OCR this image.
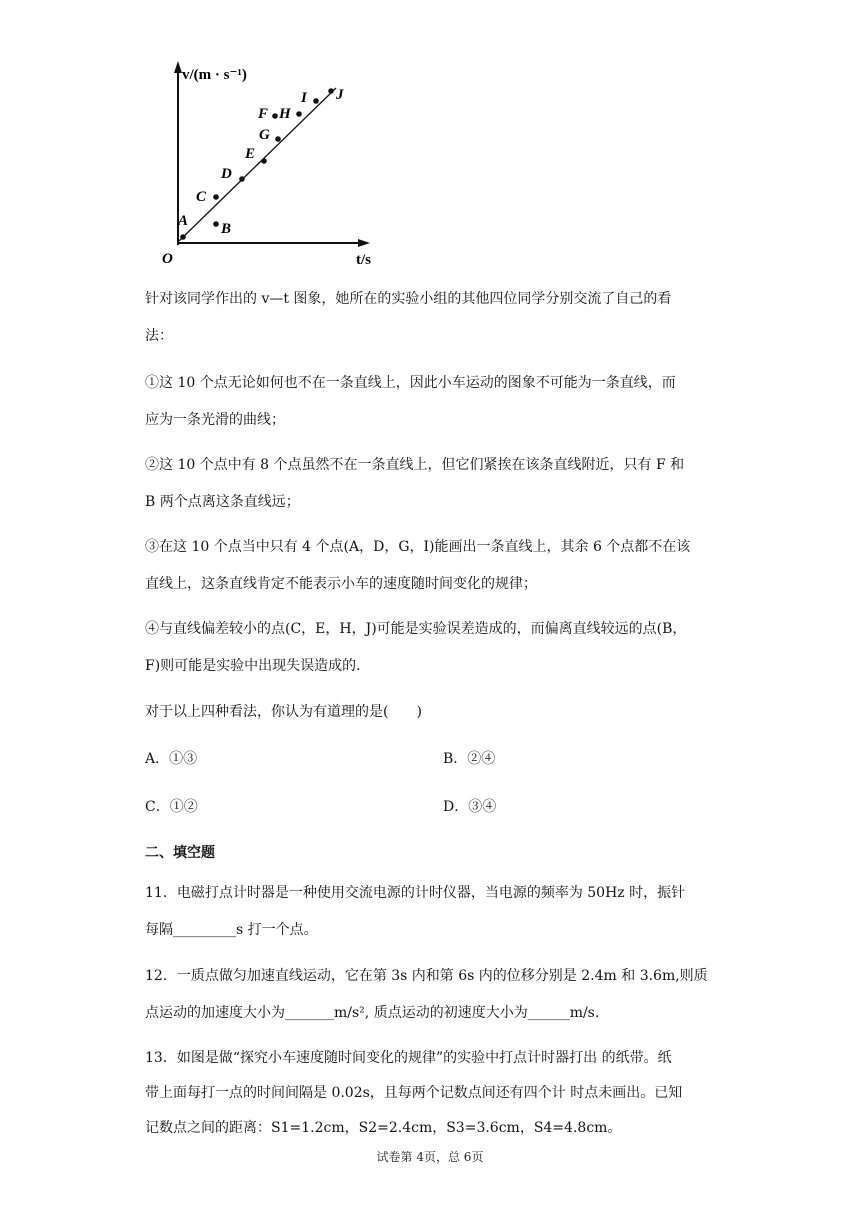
v/(m · s⁻¹)
t/s
O
A B
C
D
E
F
G
H
I J
针对该同学作出的 v—t 图象，她所在的实验小组的其他四位同学分别交流了自己的看
法：
①这 10 个点无论如何也不在一条直线上，因此小车运动的图象不可能为一条直线，而
应为一条光滑的曲线；
②这 10 个点中有 8 个点虽然不在一条直线上，但它们紧挨在该条直线附近，只有 F 和
B 两个点离这条直线远；
③在这 10 个点当中只有 4 个点(A，D，G，I)能画出一条直线上，其余 6 个点都不在该
直线上，这条直线肯定不能表示小车的速度随时间变化的规律；
④与直线偏差较小的点(C，E，H，J)可能是实验误差造成的，而偏离直线较远的点(B，
F)则可能是实验中出现失误造成的．
对于以上四种看法，你认为有道理的是(　　)
A．①③	B．②④
C．①②	D．③④
二、填空题
11．电磁打点计时器是一种使用交流电源的计时仪器，当电源的频率为 50Hz 时，振针
每隔_________s 打一个点。
12．一质点做匀加速直线运动，它在第 3s 内和第 6s 内的位移分别是 2.4m 和 3.6m,则质
点运动的加速度大小为_______m/s², 质点运动的初速度大小为______m/s.
13．如图是做“探究小车速度随时间变化的规律”的实验中打点计时器打出 的纸带。纸
带上面每打一点的时间间隔是 0.02s，且每两个记数点间还有四个计 时点未画出。已知
记数点之间的距离：S1=1.2cm，S2=2.4cm，S3=3.6cm，S4=4.8cm。
试卷第 4页，总 6页
